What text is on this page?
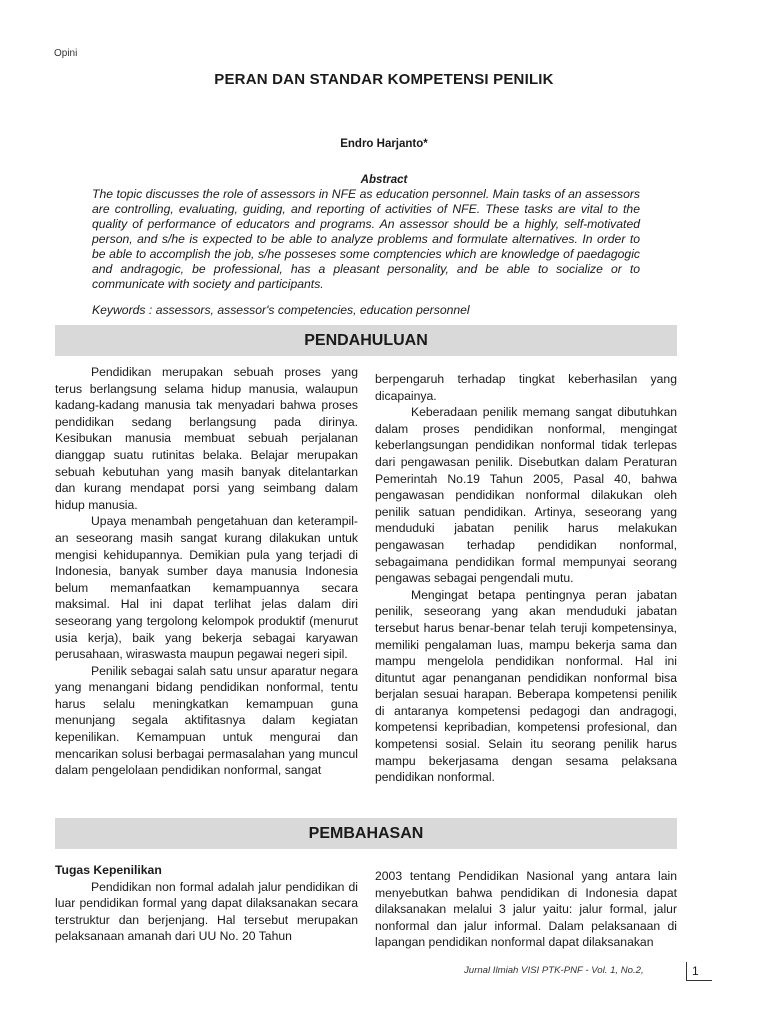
Opini
PERAN DAN STANDAR KOMPETENSI PENILIK
Endro Harjanto*
Abstract
The topic discusses the role of assessors in NFE as education personnel. Main tasks of an assessors are controlling, evaluating, guiding, and reporting of activities of NFE. These tasks are vital to the quality of performance of educators and programs. An assessor should be a highly, self-motivated person, and s/he is expected to be able to analyze problems and formulate alternatives. In order to be able to accomplish the job, s/he posseses some comptencies which are knowledge of paedagogic and andragogic, be professional, has a pleasant personality, and be able to socialize or to communicate with society and participants.
Keywords : assessors, assessor's competencies, education personnel
PENDAHULUAN

Pendidikan merupakan sebuah proses yang terus berlangsung selama hidup manusia, walaupun kadang-kadang manusia tak menyadari bahwa proses pendidikan sedang berlangsung pada dirinya. Kesibukan manusia membuat sebuah perjalanan dianggap suatu rutinitas belaka. Belajar merupakan sebuah kebutuhan yang masih banyak ditelantarkan dan kurang mendapat porsi yang seimbang dalam hidup manusia.

Upaya menambah pengetahuan dan keterampil- an seseorang masih sangat kurang dilakukan untuk mengisi kehidupannya. Demikian pula yang terjadi di Indonesia, banyak sumber daya manusia Indonesia belum memanfaatkan kemampuannya secara maksimal. Hal ini dapat terlihat jelas dalam diri seseorang yang tergolong kelompok produktif (menurut usia kerja), baik yang bekerja sebagai karyawan perusahaan, wiraswasta maupun pegawai negeri sipil.

Penilik sebagai salah satu unsur aparatur negara yang menangani bidang pendidikan nonformal, tentu harus selalu meningkatkan kemampuan guna menunjang segala aktifitasnya dalam kegiatan kepenilikan. Kemampuan untuk mengurai dan mencarikan solusi berbagai permasalahan yang muncul dalam pengelolaan pendidikan nonformal, sangat

berpengaruh terhadap tingkat keberhasilan yang dicapainya.

Keberadaan penilik memang sangat dibutuhkan dalam proses pendidikan nonformal, mengingat keberlangsungan pendidikan nonformal tidak terlepas dari pengawasan penilik. Disebutkan dalam Peraturan Pemerintah No.19 Tahun 2005, Pasal 40, bahwa pengawasan pendidikan nonformal dilakukan oleh penilik satuan pendidikan. Artinya, seseorang yang menduduki jabatan penilik harus melakukan pengawasan terhadap pendidikan nonformal, sebagaimana pendidikan formal mempunyai seorang pengawas sebagai pengendali mutu.

Mengingat betapa pentingnya peran jabatan penilik, seseorang yang akan menduduki jabatan tersebut harus benar-benar telah teruji kompetensinya, memiliki pengalaman luas, mampu bekerja sama dan mampu mengelola pendidikan nonformal. Hal ini dituntut agar penanganan pendidikan nonformal bisa berjalan sesuai harapan. Beberapa kompetensi penilik di antaranya kompetensi pedagogi dan andragogi, kompetensi kepribadian, kompetensi profesional, dan kompetensi sosial. Selain itu seorang penilik harus mampu bekerjasama dengan sesama pelaksana pendidikan nonformal.

PEMBAHASAN

Tugas Kepenilikan

Pendidikan non formal adalah jalur pendidikan di luar pendidikan formal yang dapat dilaksanakan secara terstruktur dan berjenjang. Hal tersebut merupakan pelaksanaan amanah dari UU No. 20 Tahun

2003 tentang Pendidikan Nasional yang antara lain menyebutkan bahwa pendidikan di Indonesia dapat dilaksanakan melalui 3 jalur yaitu: jalur formal, jalur nonformal dan jalur informal. Dalam pelaksanaan di lapangan pendidikan nonformal dapat dilaksanakan

Jurnal Ilmiah VISI PTK-PNF - Vol. 1, No.2,	1
